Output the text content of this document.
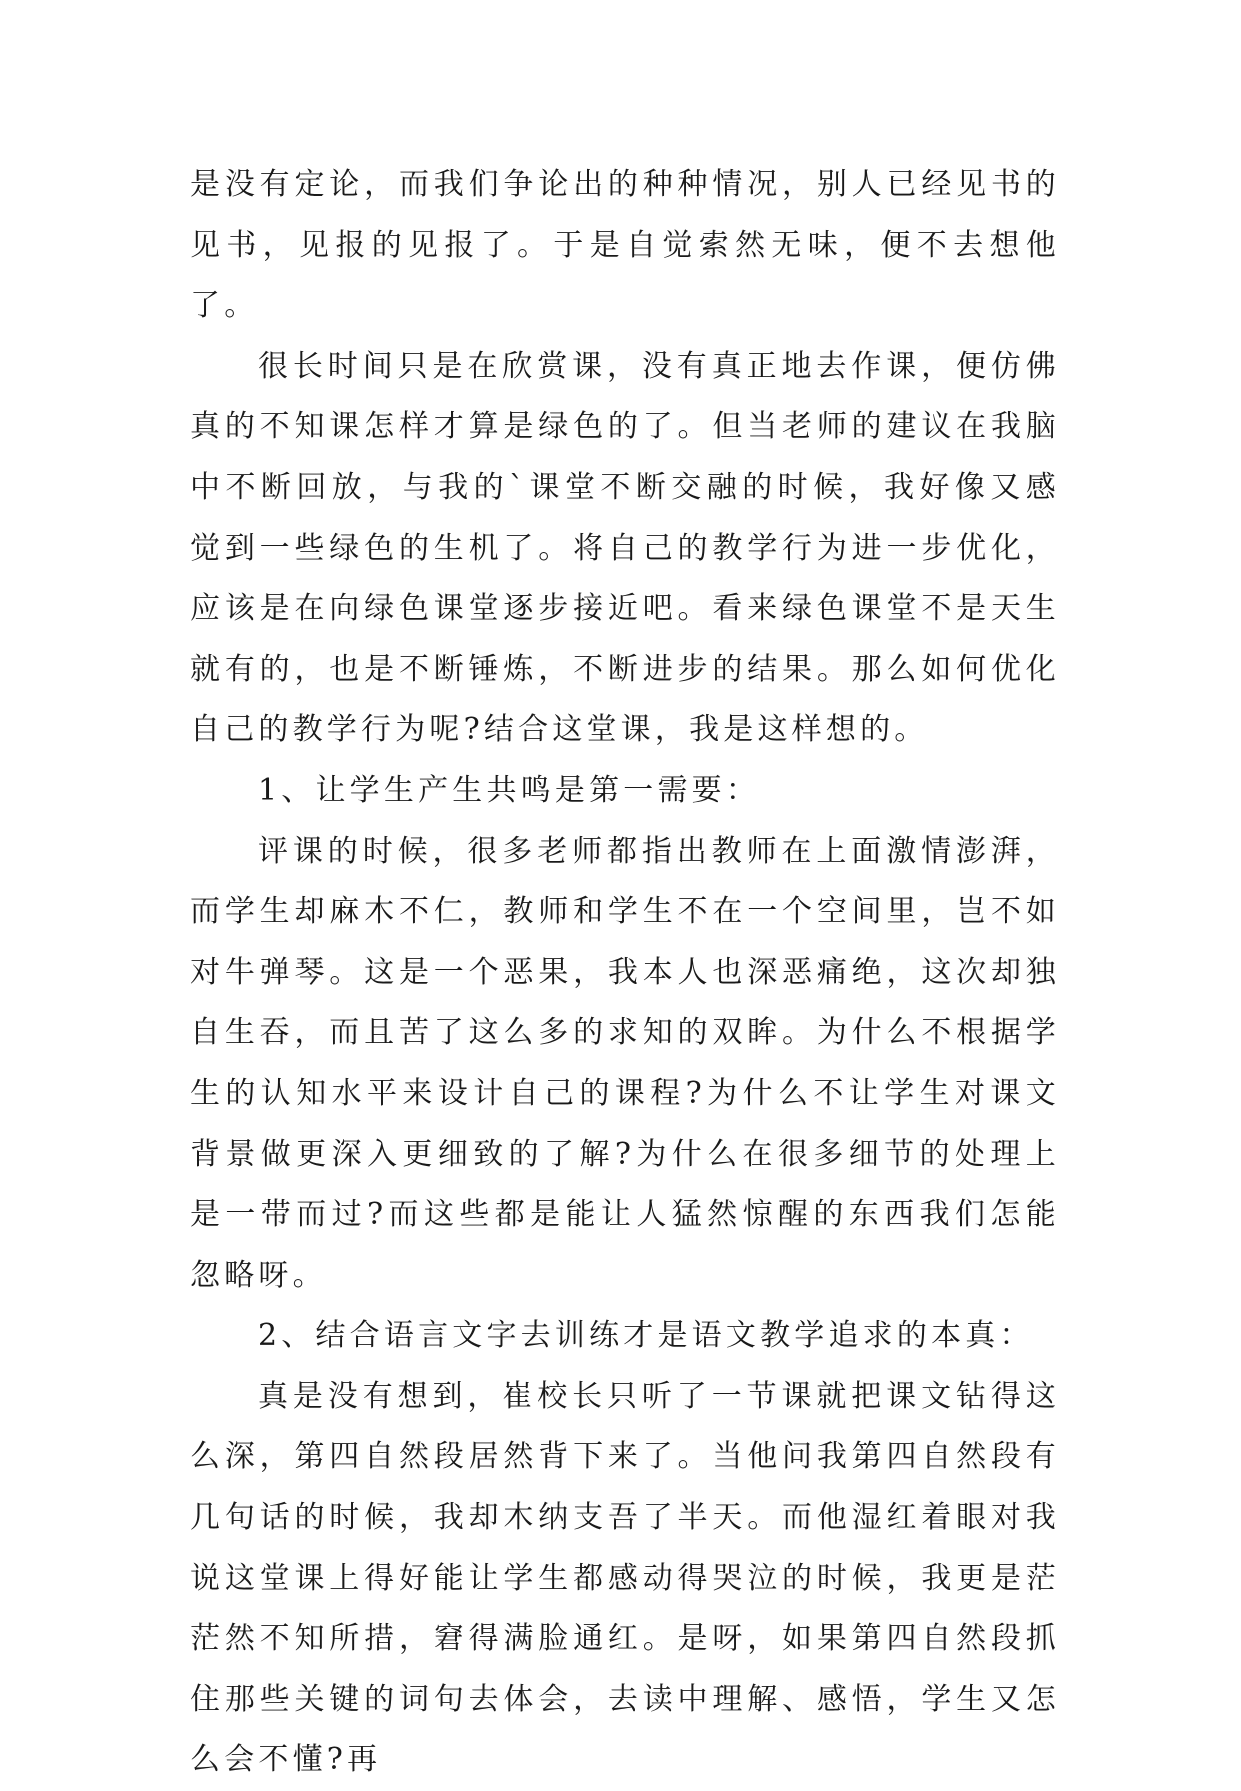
是没有定论，而我们争论出的种种情况，别人已经见书的见书，见报的见报了。于是自觉索然无味，便不去想他了。

很长时间只是在欣赏课，没有真正地去作课，便仿佛真的不知课怎样才算是绿色的了。但当老师的建议在我脑中不断回放，与我的`课堂不断交融的时候，我好像又感觉到一些绿色的生机了。将自己的教学行为进一步优化，应该是在向绿色课堂逐步接近吧。看来绿色课堂不是天生就有的，也是不断锤炼，不断进步的结果。那么如何优化自己的教学行为呢?结合这堂课，我是这样想的。

1、让学生产生共鸣是第一需要：

评课的时候，很多老师都指出教师在上面激情澎湃，而学生却麻木不仁，教师和学生不在一个空间里，岂不如对牛弹琴。这是一个恶果，我本人也深恶痛绝，这次却独自生吞，而且苦了这么多的求知的双眸。为什么不根据学生的认知水平来设计自己的课程?为什么不让学生对课文背景做更深入更细致的了解?为什么在很多细节的处理上是一带而过?而这些都是能让人猛然惊醒的东西我们怎能忽略呀。

2、结合语言文字去训练才是语文教学追求的本真：

真是没有想到，崔校长只听了一节课就把课文钻得这么深，第四自然段居然背下来了。当他问我第四自然段有几句话的时候，我却木纳支吾了半天。而他湿红着眼对我说这堂课上得好能让学生都感动得哭泣的时候，我更是茫茫然不知所措，窘得满脸通红。是呀，如果第四自然段抓住那些关键的词句去体会，去读中理解、感悟，学生又怎么会不懂?再
